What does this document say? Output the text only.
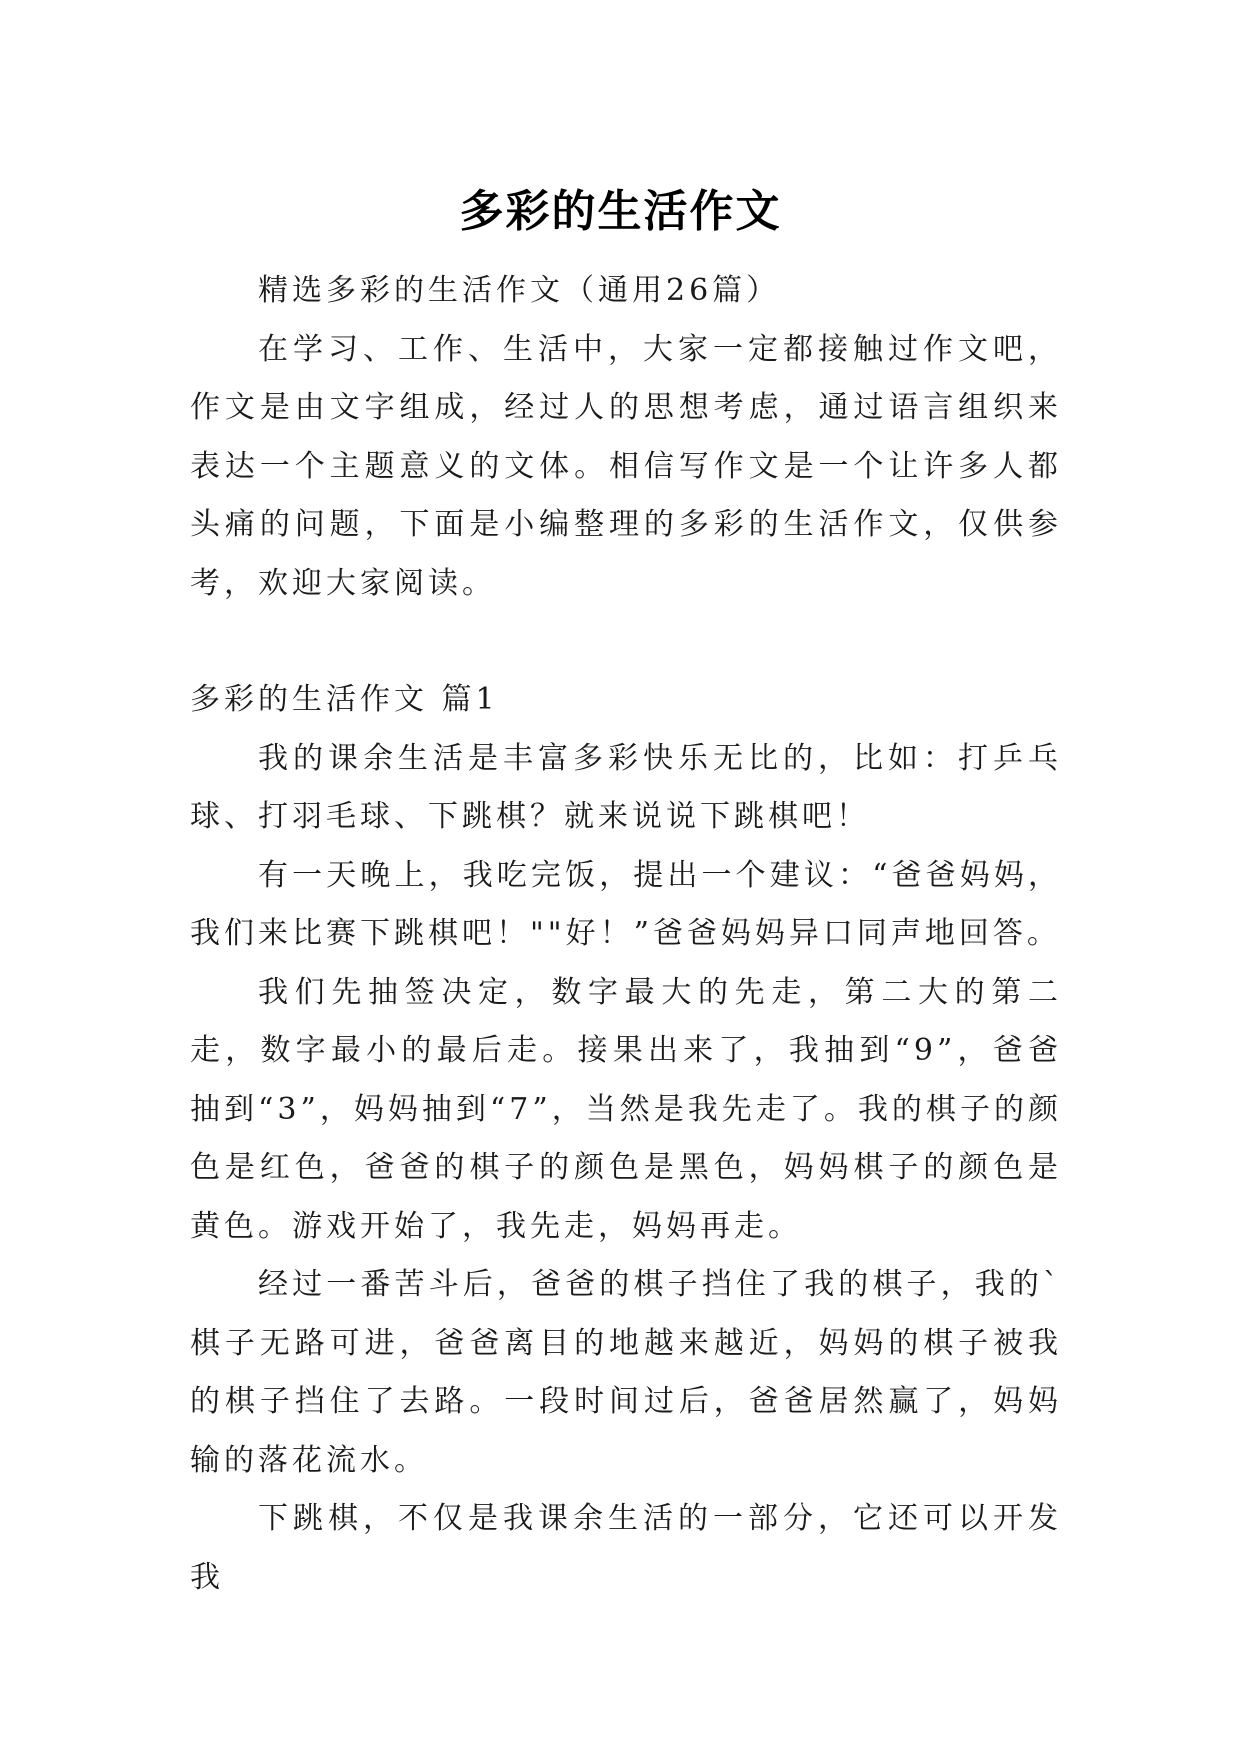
多彩的生活作文

精选多彩的生活作文（通用26篇）

在学习、工作、生活中，大家一定都接触过作文吧，作文是由文字组成，经过人的思想考虑，通过语言组织来表达一个主题意义的文体。相信写作文是一个让许多人都头痛的问题，下面是小编整理的多彩的生活作文，仅供参考，欢迎大家阅读。

多彩的生活作文 篇1

我的课余生活是丰富多彩快乐无比的，比如：打乒乓球、打羽毛球、下跳棋？就来说说下跳棋吧！

有一天晚上，我吃完饭，提出一个建议：“爸爸妈妈，我们来比赛下跳棋吧！""好！”爸爸妈妈异口同声地回答。

我们先抽签决定，数字最大的先走，第二大的第二走，数字最小的最后走。接果出来了，我抽到“9”，爸爸抽到“3”，妈妈抽到“7”，当然是我先走了。我的棋子的颜色是红色，爸爸的棋子的颜色是黑色，妈妈棋子的颜色是黄色。游戏开始了，我先走，妈妈再走。

经过一番苦斗后，爸爸的棋子挡住了我的棋子，我的`棋子无路可进，爸爸离目的地越来越近，妈妈的棋子被我的棋子挡住了去路。一段时间过后，爸爸居然赢了，妈妈输的落花流水。

下跳棋，不仅是我课余生活的一部分，它还可以开发我
